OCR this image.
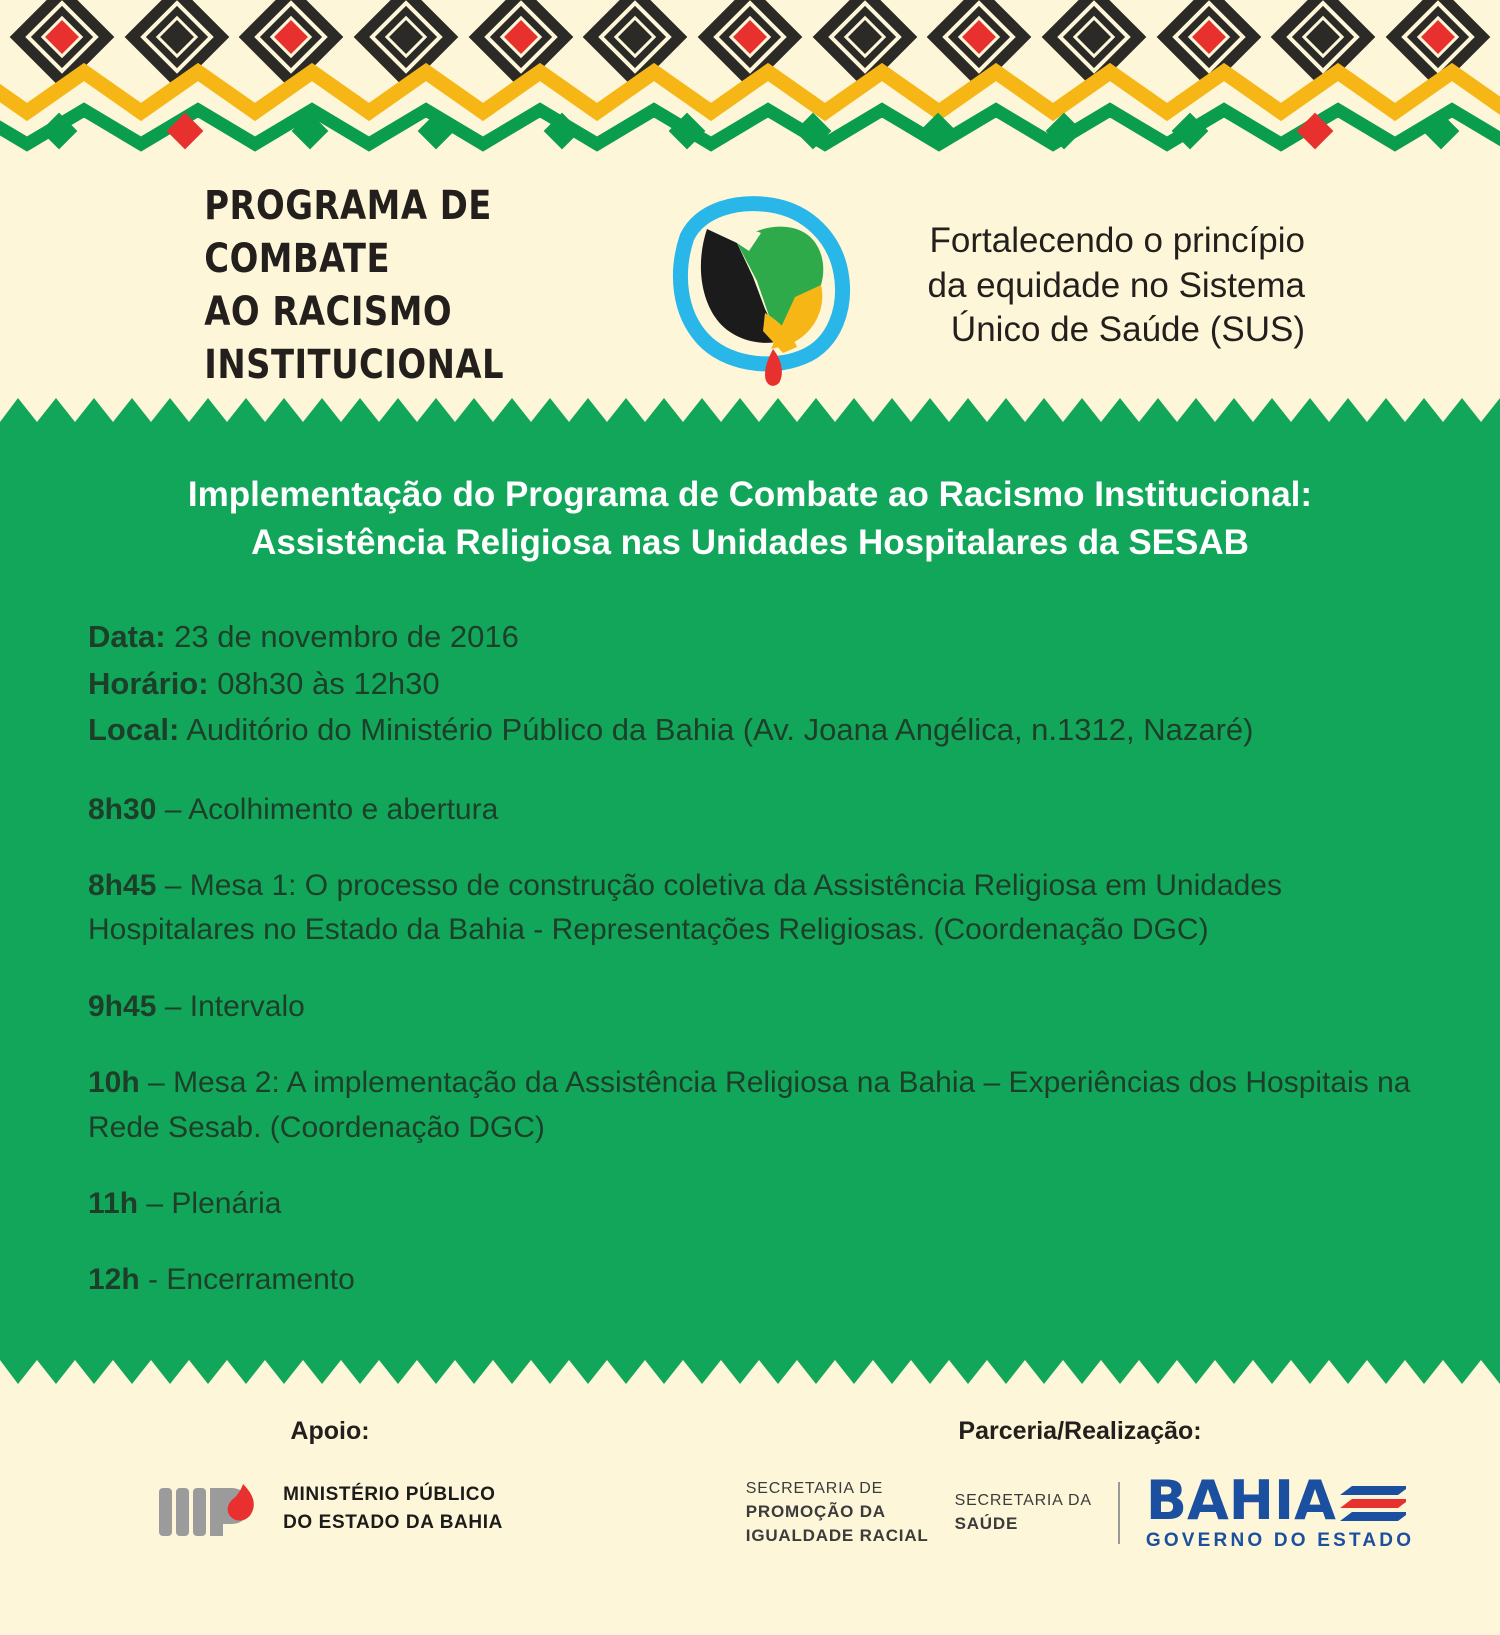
PROGRAMA DE COMBATE
AO RACISMO INSTITUCIONAL
Fortalecendo o princípio
da equidade no Sistema
Único de Saúde (SUS)
Implementação do Programa de Combate ao Racismo Institucional:
Assistência Religiosa nas Unidades Hospitalares da SESAB
Data: 23 de novembro de 2016
Horário: 08h30 às 12h30
Local: Auditório do Ministério Público da Bahia (Av. Joana Angélica, n.1312, Nazaré)
8h30 – Acolhimento e abertura
8h45 – Mesa 1: O processo de construção coletiva da Assistência Religiosa em Unidades Hospitalares no Estado da Bahia - Representações Religiosas. (Coordenação DGC)
9h45 – Intervalo
10h – Mesa 2: A implementação da Assistência Religiosa na Bahia – Experiências dos Hospitais na Rede Sesab. (Coordenação DGC)
11h – Plenária
12h - Encerramento
Apoio:
MINISTÉRIO PÚBLICO
DO ESTADO DA BAHIA
Parceria/Realização:
SECRETARIA DE
PROMOÇÃO DA
IGUALDADE RACIAL
SECRETARIA DA
SAÚDE	BAHIA
GOVERNO DO ESTADO
